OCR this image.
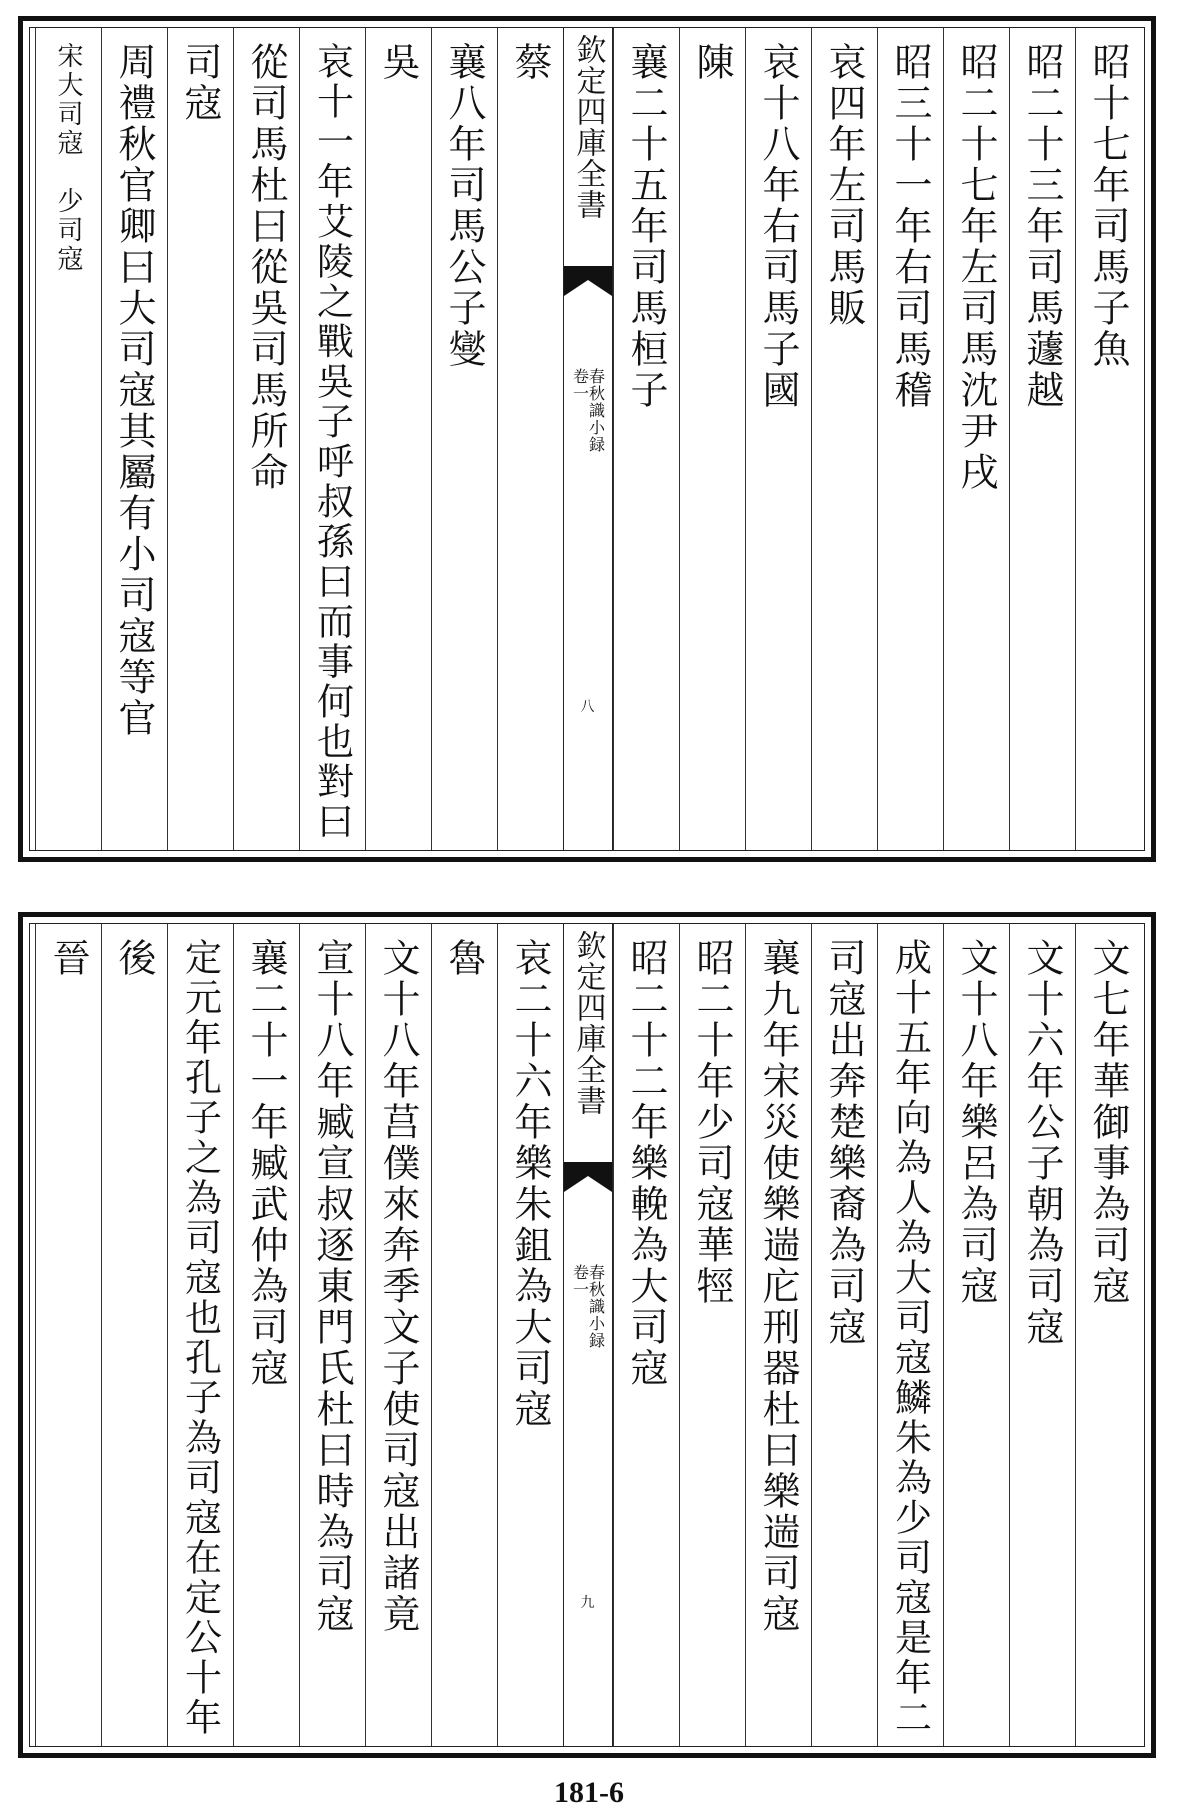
昭十七年司馬子魚
昭二十三年司馬蘧越
昭二十七年左司馬沈尹戌
昭三十一年右司馬稽
哀四年左司馬販
哀十八年右司馬子國
陳
襄二十五年司馬桓子
欽定四庫全書
春秋識小録
卷一
八
蔡
襄八年司馬公子燮
吳
哀十一年艾陵之戰吳子呼叔孫曰而事何也對曰
從司馬杜曰從吳司馬所命
司寇
周禮秋官卿曰大司寇其屬有小司寇等官
宋大司寇　少司寇
文七年華御事為司寇
文十六年公子朝為司寇
文十八年樂呂為司寇
成十五年向為人為大司寇鱗朱為少司寇是年二
司寇出奔楚樂裔為司寇
襄九年宋災使樂遄庀刑器杜曰樂遄司寇
昭二十年少司寇華牼
昭二十二年樂輓為大司寇
欽定四庫全書
春秋識小録
卷一
九
哀二十六年樂朱鉏為大司寇
魯
文十八年莒僕來奔季文子使司寇出諸竟
宣十八年臧宣叔逐東門氏杜曰時為司寇
襄二十一年臧武仲為司寇
定元年孔子之為司寇也孔子為司寇在定公十年
後
晉
181-6
